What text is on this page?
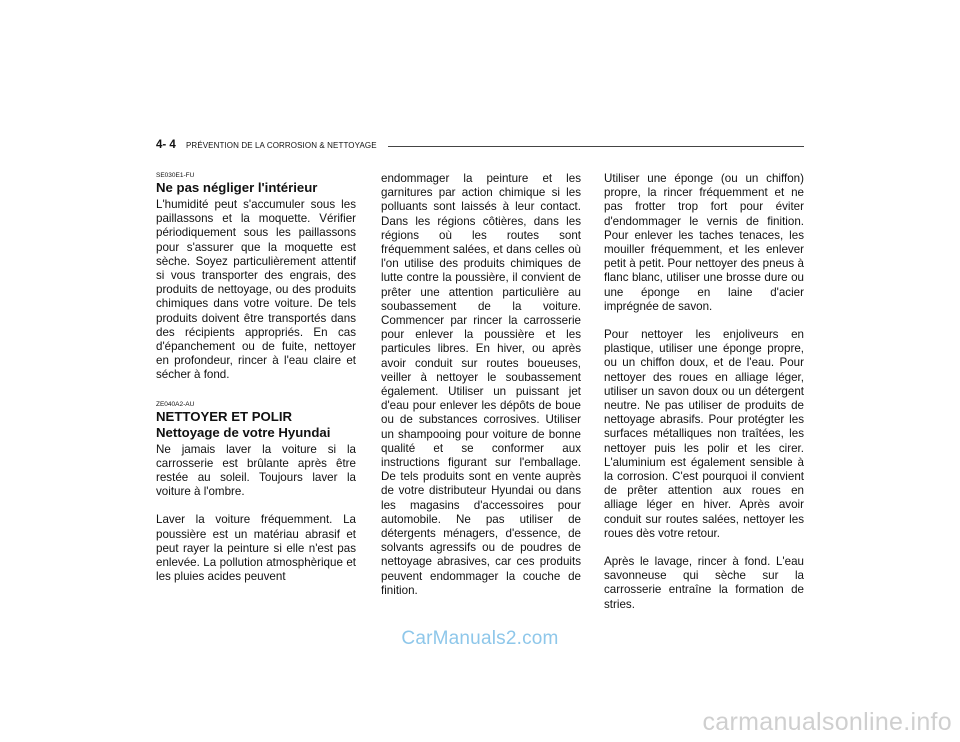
4- 4 PRÉVENTION DE LA CORROSION & NETTOYAGE
SE030E1-FU
Ne pas négliger l'intérieur

L'humidité peut s'accumuler sous les paillassons et la moquette. Vérifier périodiquement sous les paillassons pour s'assurer que la moquette est sèche. Soyez particulièrement attentif si vous transporter des engrais, des produits de nettoyage, ou des produits chimiques dans votre voiture. De tels produits doivent être transportés dans des récipients appropriés. En cas d'épanchement ou de fuite, nettoyer en profondeur, rincer à l'eau claire et sécher à fond.

ZE040A2-AU
NETTOYER ET POLIR
Nettoyage de votre Hyundai

Ne jamais laver la voiture si la carrosserie est brûlante après être restée au soleil. Toujours laver la voiture à l'ombre.

Laver la voiture fréquemment. La poussière est un matériau abrasif et peut rayer la peinture si elle n'est pas enlevée. La pollution atmosphèrique et les pluies acides peuvent

endommager la peinture et les garnitures par action chimique si les polluants sont laissés à leur contact. Dans les régions côtières, dans les régions où les routes sont fréquemment salées, et dans celles où l'on utilise des produits chimiques de lutte contre la poussière, il convient de prêter une attention particulière au soubassement de la voiture. Commencer par rincer la carrosserie pour enlever la poussière et les particules libres. En hiver, ou après avoir conduit sur routes boueuses, veiller à nettoyer le soubassement également. Utiliser un puissant jet d'eau pour enlever les dépôts de boue ou de substances corrosives. Utiliser un shampooing pour voiture de bonne qualité et se conformer aux instructions figurant sur l'emballage. De tels produits sont en vente auprès de votre distributeur Hyundai ou dans les magasins d'accessoires pour automobile. Ne pas utiliser de détergents ménagers, d'essence, de solvants agressifs ou de poudres de nettoyage abrasives, car ces produits peuvent endommager la couche de finition.

Utiliser une éponge (ou un chiffon) propre, la rincer fréquemment et ne pas frotter trop fort pour éviter d'endommager le vernis de finition. Pour enlever les taches tenaces, les mouiller fréquemment, et les enlever petit à petit. Pour nettoyer des pneus à flanc blanc, utiliser une brosse dure ou une éponge en laine d'acier imprégnée de savon.

Pour nettoyer les enjoliveurs en plastique, utiliser une éponge propre, ou un chiffon doux, et de l'eau. Pour nettoyer des roues en alliage léger, utiliser un savon doux ou un détergent neutre. Ne pas utiliser de produits de nettoyage abrasifs. Pour protégter les surfaces métalliques non traîtées, les nettoyer puis les polir et les cirer. L'aluminium est également sensible à la corrosion. C'est pourquoi il convient de prêter attention aux roues en alliage léger en hiver. Après avoir conduit sur routes salées, nettoyer les roues dès votre retour.

Après le lavage, rincer à fond. L'eau savonneuse qui sèche sur la carrosserie entraîne la formation de stries.

CarManuals2.com
carmanualsonline.info
